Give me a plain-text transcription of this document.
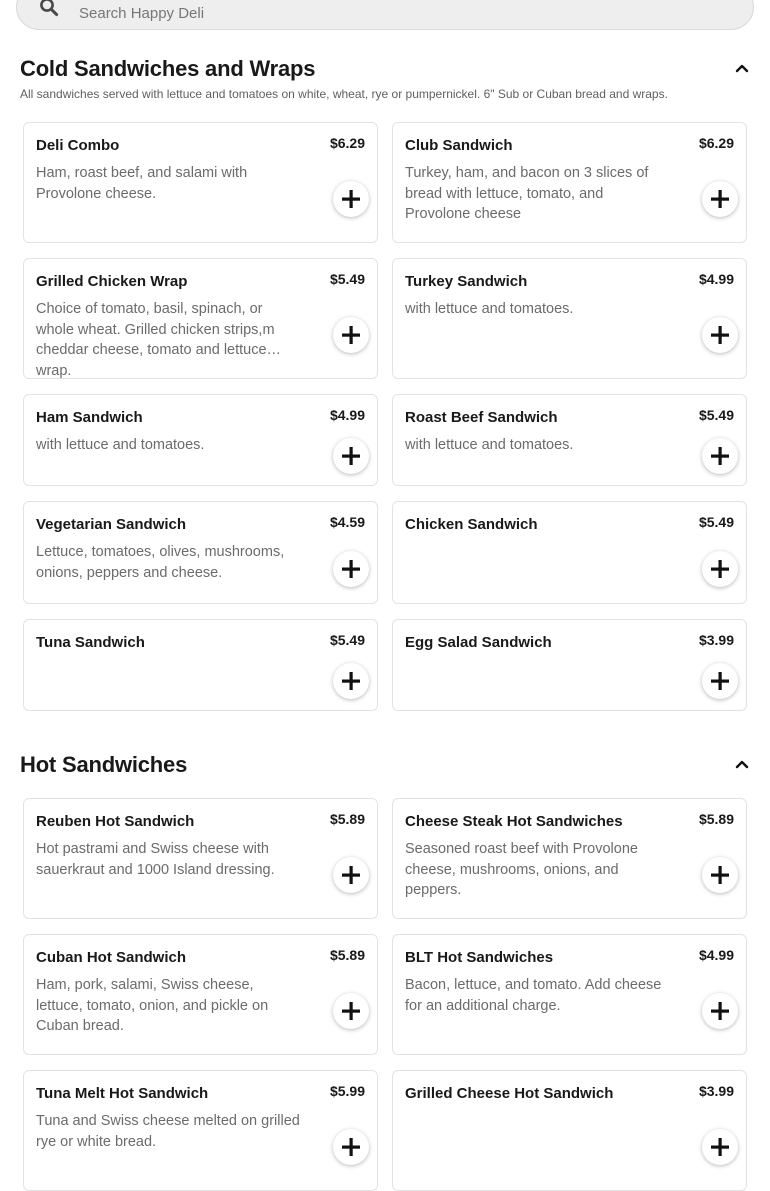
Search Happy Deli
Cold Sandwiches and Wraps
All sandwiches served with lettuce and tomatoes on white, wheat, rye or pumpernickel. 6" Sub or Cuban bread and wraps.
Deli Combo	$6.29
Ham, roast beef, and salami with Provolone cheese.
Club Sandwich	$6.29
Turkey, ham, and bacon on 3 slices of bread with lettuce, tomato, and Provolone cheese
Grilled Chicken Wrap	$5.49
Choice of tomato, basil, spinach, or whole wheat. Grilled chicken strips,m cheddar cheese, tomato and lettuce wrap.
Turkey Sandwich	$4.99
with lettuce and tomatoes.
Ham Sandwich	$4.99
with lettuce and tomatoes.
Roast Beef Sandwich	$5.49
with lettuce and tomatoes.
Vegetarian Sandwich	$4.59
Lettuce, tomatoes, olives, mushrooms, onions, peppers and cheese.
Chicken Sandwich	$5.49
Tuna Sandwich	$5.49	Egg Salad Sandwich	$3.99
Hot Sandwiches
Reuben Hot Sandwich	$5.89
Hot pastrami and Swiss cheese with sauerkraut and 1000 Island dressing.
Cheese Steak Hot Sandwiches	$5.89
Seasoned roast beef with Provolone cheese, mushrooms, onions, and peppers.
Cuban Hot Sandwich	$5.89
Ham, pork, salami, Swiss cheese, lettuce, tomato, onion, and pickle on Cuban bread.
BLT Hot Sandwiches	$4.99
Bacon, lettuce, and tomato. Add cheese for an additional charge.
Tuna Melt Hot Sandwich	$5.99
Tuna and Swiss cheese melted on grilled rye or white bread.
Grilled Cheese Hot Sandwich	$3.99
